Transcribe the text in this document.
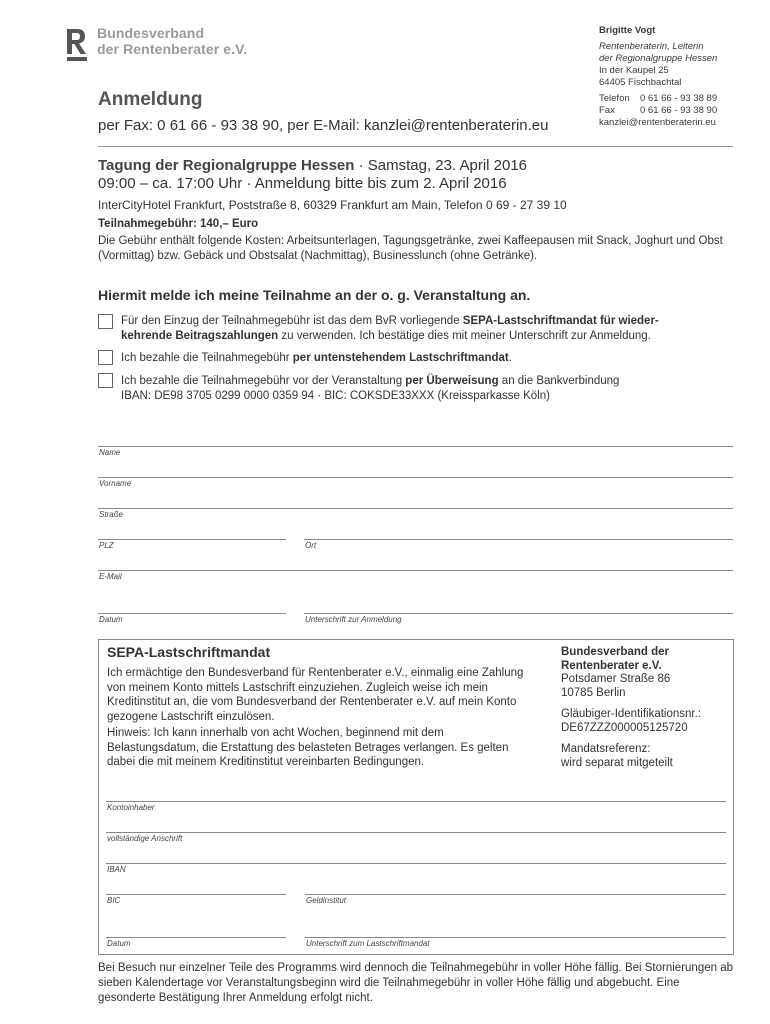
Bundesverband
der Rentenberater e.V.
Brigitte Vogt
Rentenberaterin, Leiterin
der Regionalgruppe Hessen
In der Kaupel 25
64405 Fischbachtal
Telefon	0 61 66 - 93 38 89
Fax	0 61 66 - 93 38 90
kanzlei@rentenberaterin.eu
Anmeldung
per Fax: 0 61 66 - 93 38 90, per E-Mail: kanzlei@rentenberaterin.eu
Tagung der Regionalgruppe Hessen · Samstag, 23. April 2016
09:00 – ca. 17:00 Uhr · Anmeldung bitte bis zum 2. April 2016
InterCityHotel Frankfurt, Poststraße 8, 60329 Frankfurt am Main, Telefon 0 69 - 27 39 10
Teilnahmegebühr: 140,– Euro
Die Gebühr enthält folgende Kosten: Arbeitsunterlagen, Tagungsgetränke, zwei Kaffeepausen mit Snack, Joghurt und Obst (Vormittag) bzw. Gebäck und Obstsalat (Nachmittag), Businesslunch (ohne Getränke).
Hiermit melde ich meine Teilnahme an der o. g. Veranstaltung an.
Für den Einzug der Teilnahmegebühr ist das dem BvR vorliegende SEPA-Lastschriftmandat für wieder-
kehrende Beitragszahlungen zu verwenden. Ich bestätige dies mit meiner Unterschrift zur Anmeldung.
Ich bezahle die Teilnahmegebühr per untenstehendem Lastschriftmandat.
Ich bezahle die Teilnahmegebühr vor der Veranstaltung per Überweisung an die Bankverbindung
IBAN: DE98 3705 0299 0000 0359 94 · BIC: COKSDE33XXX (Kreissparkasse Köln)
Name
Vorname
Straße
PLZ	Ort
E-Mail
Datum	Unterschrift zur Anmeldung
SEPA-Lastschriftmandat
Ich ermächtige den Bundesverband für Rentenberater e.V., einmalig eine Zahlung von meinem Konto mittels Lastschrift einzuziehen. Zugleich weise ich mein Kreditinstitut an, die vom Bundesverband der Rentenberater e.V. auf mein Konto gezogene Lastschrift einzulösen.
Hinweis: Ich kann innerhalb von acht Wochen, beginnend mit dem Belastungsdatum, die Erstattung des belasteten Betrages verlangen. Es gelten dabei die mit meinem Kreditinstitut vereinbarten Bedingungen.
Bundesverband der
Rentenberater e.V.
Potsdamer Straße 86
10785 Berlin
Gläubiger-Identifikationsnr.:
DE67ZZZ000005125720
Mandatsreferenz:
wird separat mitgeteilt
Kontoinhaber
vollständige Anschrift
IBAN
BIC	Geldinstitut
Datum	Unterschrift zum Lastschriftmandat
Bei Besuch nur einzelner Teile des Programms wird dennoch die Teilnahmegebühr in voller Höhe fällig. Bei Stornierungen ab sieben Kalendertage vor Veranstaltungsbeginn wird die Teilnahmegebühr in voller Höhe fällig und abgebucht. Eine gesonderte Bestätigung Ihrer Anmeldung erfolgt nicht.
